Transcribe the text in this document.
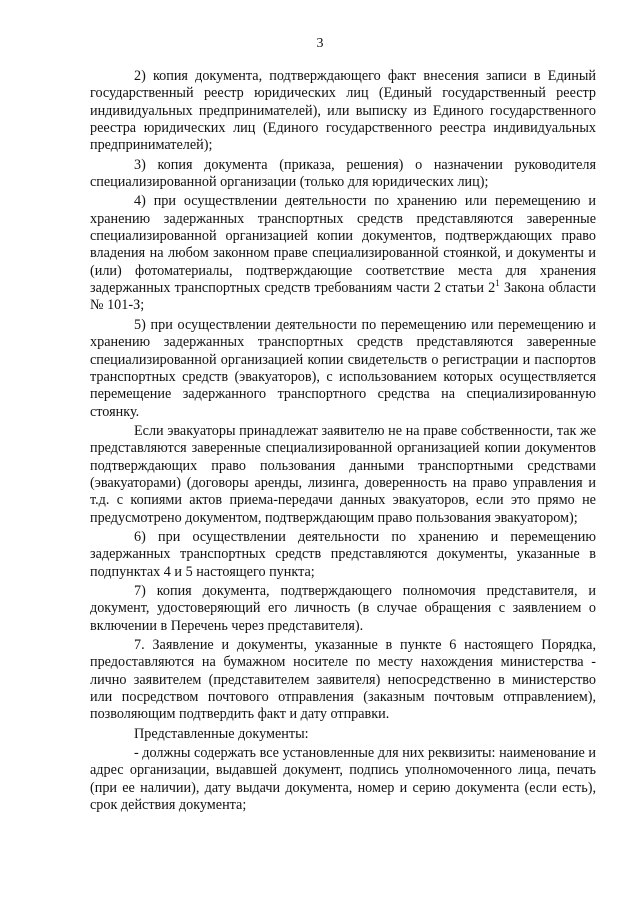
3

2) копия документа, подтверждающего факт внесения записи в Единый государственный реестр юридических лиц (Единый государственный реестр индивидуальных предпринимателей), или выписку из Единого государственного реестра юридических лиц (Единого государственного реестра индивидуальных предпринимателей);

3) копия документа (приказа, решения) о назначении руководителя специализированной организации (только для юридических лиц);

4) при осуществлении деятельности по хранению или перемещению и хранению задержанных транспортных средств представляются заверенные специализированной организацией копии документов, подтверждающих право владения на любом законном праве специализированной стоянкой, и документы и (или) фотоматериалы, подтверждающие соответствие места для хранения задержанных транспортных средств требованиям части 2 статьи $2^1$ Закона области № 101-З;

5) при осуществлении деятельности по перемещению или перемещению и хранению задержанных транспортных средств представляются заверенные специализированной организацией копии свидетельств о регистрации и паспортов транспортных средств (эвакуаторов), с использованием которых осуществляется перемещение задержанного транспортного средства на специализированную стоянку.

Если эвакуаторы принадлежат заявителю не на праве собственности, так же представляются заверенные специализированной организацией копии документов подтверждающих право пользования данными транспортными средствами (эвакуаторами) (договоры аренды, лизинга, доверенность на право управления и т.д. с копиями актов приема-передачи данных эвакуаторов, если это прямо не предусмотрено документом, подтверждающим право пользования эвакуатором);

6) при осуществлении деятельности по хранению и перемещению задержанных транспортных средств представляются документы, указанные в подпунктах 4 и 5 настоящего пункта;

7) копия документа, подтверждающего полномочия представителя, и документ, удостоверяющий его личность (в случае обращения с заявлением о включении в Перечень через представителя).

7. Заявление и документы, указанные в пункте 6 настоящего Порядка, предоставляются на бумажном носителе по месту нахождения министерства - лично заявителем (представителем заявителя) непосредственно в министерство или посредством почтового отправления (заказным почтовым отправлением), позволяющим подтвердить факт и дату отправки.

Представленные документы:

- должны содержать все установленные для них реквизиты: наименование и адрес организации, выдавшей документ, подпись уполномоченного лица, печать (при ее наличии), дату выдачи документа, номер и серию документа (если есть), срок действия документа;
